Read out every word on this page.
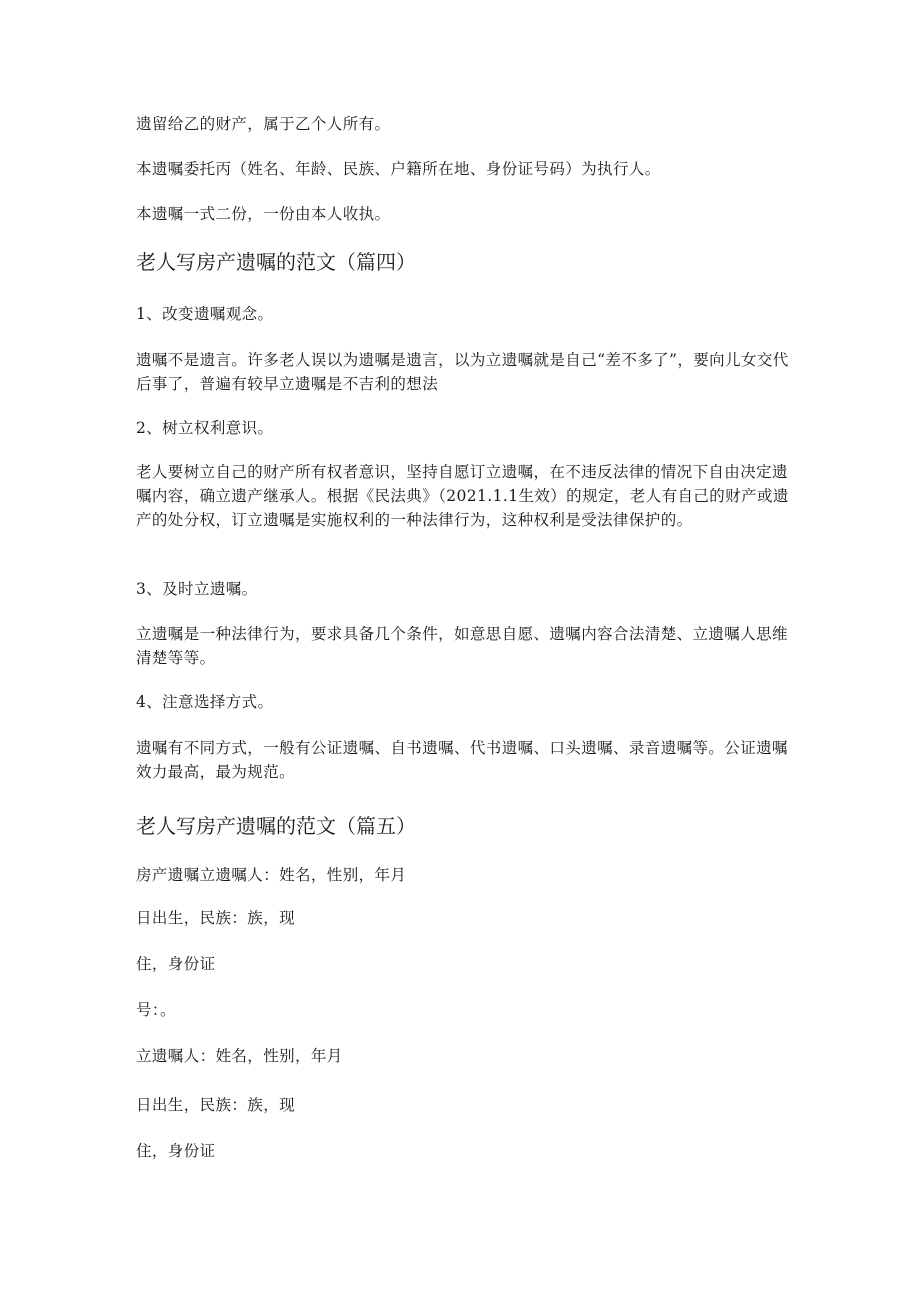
遗留给乙的财产，属于乙个人所有。

本遗嘱委托丙（姓名、年龄、民族、户籍所在地、身份证号码）为执行人。

本遗嘱一式二份，一份由本人收执。

老人写房产遗嘱的范文（篇四）

1、改变遗嘱观念。

遗嘱不是遗言。许多老人误以为遗嘱是遗言，以为立遗嘱就是自己“差不多了”，要向儿女交代后事了，普遍有较早立遗嘱是不吉利的想法

2、树立权利意识。

老人要树立自己的财产所有权者意识，坚持自愿订立遗嘱，在不违反法律的情况下自由决定遗嘱内容，确立遗产继承人。根据《民法典》（2021.1.1生效）的规定，老人有自己的财产或遗产的处分权，订立遗嘱是实施权利的一种法律行为，这种权利是受法律保护的。

3、及时立遗嘱。

立遗嘱是一种法律行为，要求具备几个条件，如意思自愿、遗嘱内容合法清楚、立遗嘱人思维清楚等等。

4、注意选择方式。

遗嘱有不同方式，一般有公证遗嘱、自书遗嘱、代书遗嘱、口头遗嘱、录音遗嘱等。公证遗嘱效力最高，最为规范。

老人写房产遗嘱的范文（篇五）

房产遗嘱立遗嘱人：姓名，性别，年月

日出生，民族：族，现

住，身份证

号：。

立遗嘱人：姓名，性别，年月

日出生，民族：族，现

住，身份证
